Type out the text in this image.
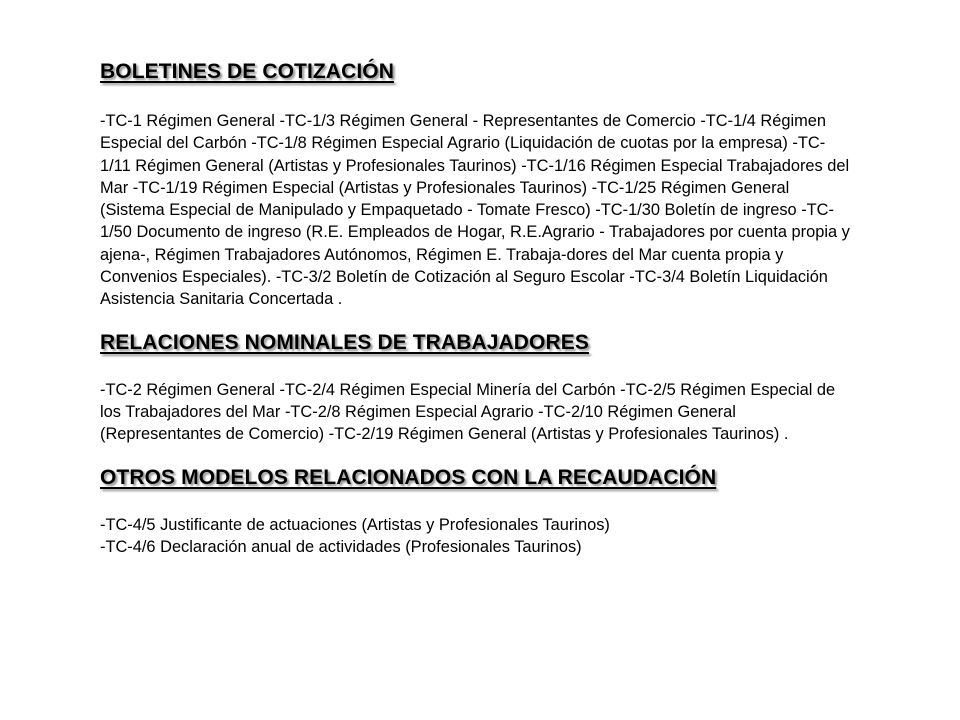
BOLETINES DE COTIZACIÓN

-TC-1 Régimen General -TC-1/3 Régimen General - Representantes de Comercio -TC-1/4 Régimen Especial del Carbón -TC-1/8 Régimen Especial Agrario (Liquidación de cuotas por la empresa) -TC-1/11 Régimen General (Artistas y Profesionales Taurinos) -TC-1/16 Régimen Especial Trabajadores del Mar -TC-1/19 Régimen Especial (Artistas y Profesionales Taurinos) -TC-1/25 Régimen General (Sistema Especial de Manipulado y Empaquetado - Tomate Fresco) -TC-1/30 Boletín de ingreso -TC-1/50 Documento de ingreso (R.E. Empleados de Hogar, R.E.Agrario - Trabajadores por cuenta propia y ajena-, Régimen Trabajadores Autónomos, Régimen E. Trabaja-dores del Mar cuenta propia y Convenios Especiales). -TC-3/2 Boletín de Cotización al Seguro Escolar -TC-3/4 Boletín Liquidación Asistencia Sanitaria Concertada .

RELACIONES NOMINALES DE TRABAJADORES

-TC-2 Régimen General -TC-2/4 Régimen Especial Minería del Carbón -TC-2/5 Régimen Especial de los Trabajadores del Mar -TC-2/8 Régimen Especial Agrario -TC-2/10 Régimen General (Representantes de Comercio) -TC-2/19 Régimen General (Artistas y Profesionales Taurinos) .

OTROS MODELOS RELACIONADOS CON LA RECAUDACIÓN
-TC-4/5 Justificante de actuaciones (Artistas y Profesionales Taurinos)
-TC-4/6 Declaración anual de actividades (Profesionales Taurinos)
